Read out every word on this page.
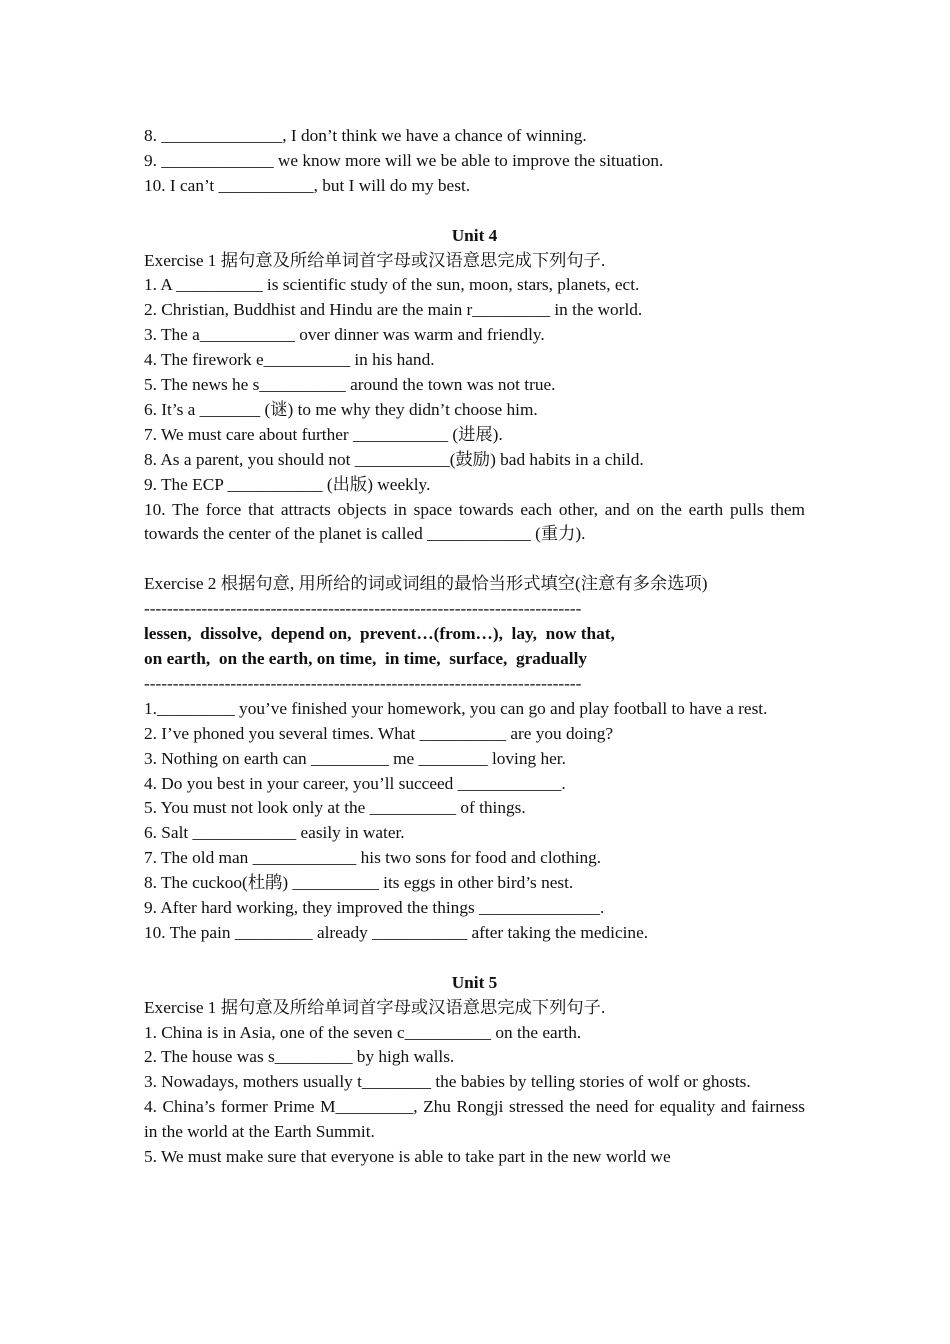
8. ______________, I don’t think we have a chance of winning.
9. _____________ we know more will we be able to improve the situation.
10. I can’t ___________, but I will do my best.
Unit 4
Exercise 1 据句意及所给单词首字母或汉语意思完成下列句子.
1. A __________ is scientific study of the sun, moon, stars, planets, ect.
2. Christian, Buddhist and Hindu are the main r_________ in the world.
3. The a___________ over dinner was warm and friendly.
4. The firework e__________ in his hand.
5. The news he s__________ around the town was not true.
6. It’s a _______ (谜) to me why they didn’t choose him.
7. We must care about further ___________ (进展).
8. As a parent, you should not ___________(鼓励) bad habits in a child.
9. The ECP ___________ (出版) weekly.
10. The force that attracts objects in space towards each other, and on the earth pulls them towards the center of the planet is called ____________ (重力).
Exercise 2 根据句意, 用所给的词或词组的最恰当形式填空(注意有多余选项)
----------------------------------------------------------------------------
lessen,  dissolve,  depend on,  prevent…(from…),  lay,  now that,
on earth,  on the earth, on time,  in time,  surface,  gradually
----------------------------------------------------------------------------
1._________ you’ve finished your homework, you can go and play football to have a rest.
2. I’ve phoned you several times. What __________ are you doing?
3. Nothing on earth can _________ me ________ loving her.
4. Do you best in your career, you’ll succeed ____________.
5. You must not look only at the __________ of things.
6. Salt ____________ easily in water.
7. The old man ____________ his two sons for food and clothing.
8. The cuckoo(杜鹃) __________ its eggs in other bird’s nest.
9. After hard working, they improved the things ______________.
10. The pain _________ already ___________ after taking the medicine.
Unit 5
Exercise 1 据句意及所给单词首字母或汉语意思完成下列句子.
1. China is in Asia, one of the seven c__________ on the earth.
2. The house was s_________ by high walls.
3. Nowadays, mothers usually t________ the babies by telling stories of wolf or ghosts.
4. China’s former Prime M_________, Zhu Rongji stressed the need for equality and fairness in the world at the Earth Summit.
5. We must make sure that everyone is able to take part in the new world we
